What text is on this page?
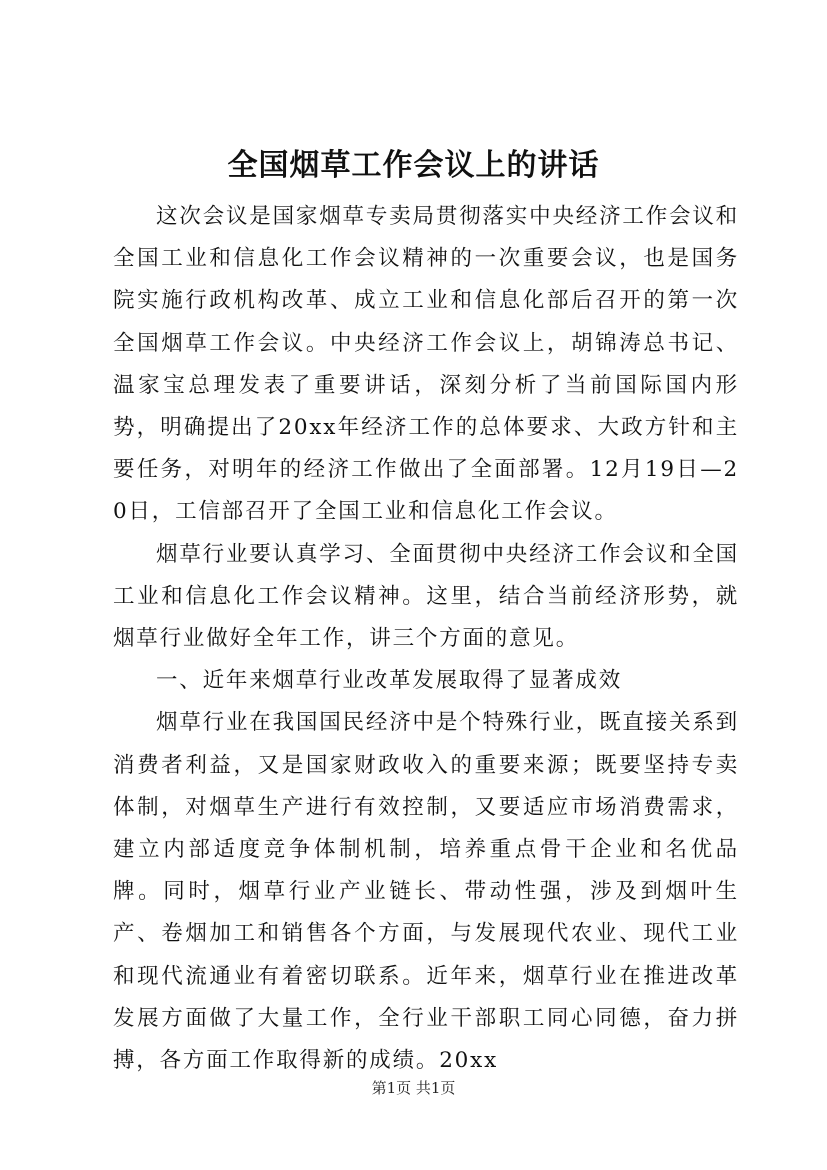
全国烟草工作会议上的讲话

这次会议是国家烟草专卖局贯彻落实中央经济工作会议和全国工业和信息化工作会议精神的一次重要会议，也是国务院实施行政机构改革、成立工业和信息化部后召开的第一次全国烟草工作会议。中央经济工作会议上，胡锦涛总书记、温家宝总理发表了重要讲话，深刻分析了当前国际国内形势，明确提出了20xx年经济工作的总体要求、大政方针和主要任务，对明年的经济工作做出了全面部署。12月19日—20日，工信部召开了全国工业和信息化工作会议。

烟草行业要认真学习、全面贯彻中央经济工作会议和全国工业和信息化工作会议精神。这里，结合当前经济形势，就烟草行业做好全年工作，讲三个方面的意见。

一、近年来烟草行业改革发展取得了显著成效

烟草行业在我国国民经济中是个特殊行业，既直接关系到消费者利益，又是国家财政收入的重要来源；既要坚持专卖体制，对烟草生产进行有效控制，又要适应市场消费需求，建立内部适度竞争体制机制，培养重点骨干企业和名优品牌。同时，烟草行业产业链长、带动性强，涉及到烟叶生产、卷烟加工和销售各个方面，与发展现代农业、现代工业和现代流通业有着密切联系。近年来，烟草行业在推进改革发展方面做了大量工作，全行业干部职工同心同德，奋力拼搏，各方面工作取得新的成绩。20xx

第1页 共1页
